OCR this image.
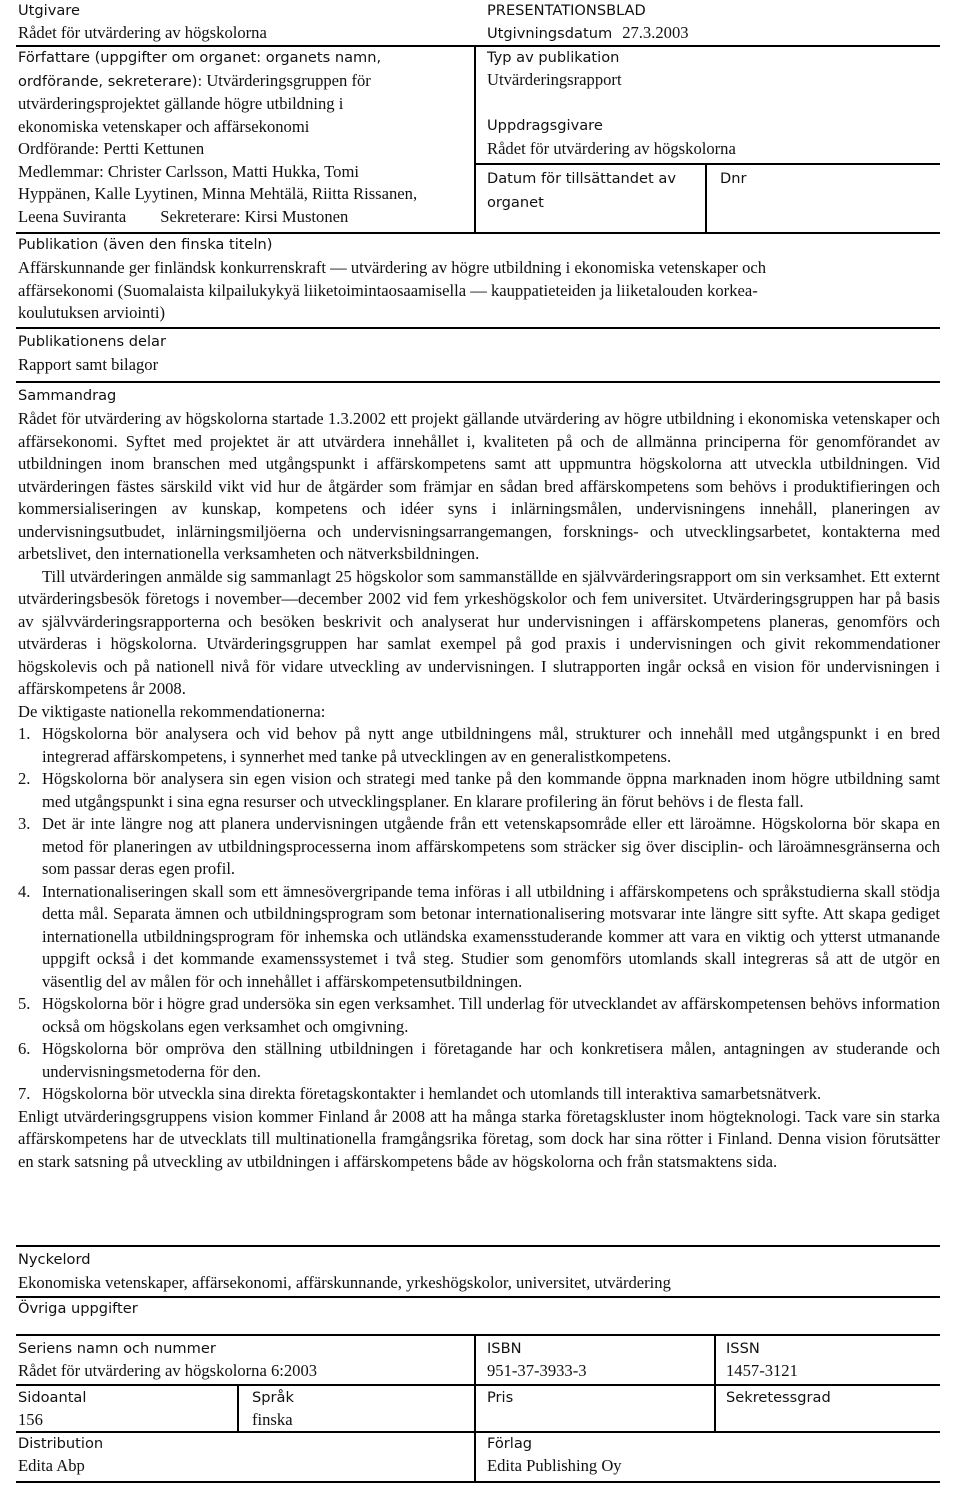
Utgivare
Rådet för utvärdering av högskolorna
PRESENTATIONSBLAD
Utgivningsdatum 27.3.2003
Författare (uppgifter om organet: organets namn,
ordförande, sekreterare): Utvärderingsgruppen för
utvärderingsprojektet gällande högre utbildning i
ekonomiska vetenskaper och affärsekonomi
Ordförande: Pertti Kettunen
Medlemmar: Christer Carlsson, Matti Hukka, Tomi
Hyppänen, Kalle Lyytinen, Minna Mehtälä, Riitta Rissanen,
Leena Suviranta Sekreterare: Kirsi Mustonen
Typ av publikation
Utvärderingsrapport
Uppdragsgivare
Rådet för utvärdering av högskolorna
Datum för tillsättandet av
organet
Dnr
Publikation (även den finska titeln)
Affärskunnande ger finländsk konkurrenskraft — utvärdering av högre utbildning i ekonomiska vetenskaper och
affärsekonomi (Suomalaista kilpailukykyä liiketoimintaosaamisella — kauppatieteiden ja liiketalouden korkea-
koulutuksen arviointi)
Publikationens delar
Rapport samt bilagor
Sammandrag

Rådet för utvärdering av högskolorna startade 1.3.2002 ett projekt gällande utvärdering av högre utbildning i ekonomiska vetenskaper och affärsekonomi. Syftet med projektet är att utvärdera innehållet i, kvaliteten på och de allmänna principerna för genomförandet av utbildningen inom branschen med utgångspunkt i affärskompetens samt att uppmuntra högskolorna att utveckla utbildningen. Vid utvärderingen fästes särskild vikt vid hur de åtgärder som främjar en sådan bred affärskompetens som behövs i produktifieringen och kommersialiseringen av kunskap, kompetens och idéer syns i inlärningsmålen, undervisningens innehåll, planeringen av undervisningsutbudet, inlärningsmiljöerna och undervisningsarrangemangen, forsknings- och utvecklingsarbetet, kontakterna med arbetslivet, den internationella verksamheten och nätverksbildningen.

Till utvärderingen anmälde sig sammanlagt 25 högskolor som sammanställde en självvärderingsrapport om sin verksamhet. Ett externt utvärderingsbesök företogs i november—december 2002 vid fem yrkeshögskolor och fem universitet. Utvärderingsgruppen har på basis av självvärderingsrapporterna och besöken beskrivit och analyserat hur undervisningen i affärskompetens planeras, genomförs och utvärderas i högskolorna. Utvärderingsgruppen har samlat exempel på god praxis i undervisningen och givit rekommendationer högskolevis och på nationell nivå för vidare utveckling av undervisningen. I slutrapporten ingår också en vision för undervisningen i affärskompetens år 2008.

De viktigaste nationella rekommendationerna:

1. Högskolorna bör analysera och vid behov på nytt ange utbildningens mål, strukturer och innehåll med utgångspunkt i en bred integrerad affärskompetens, i synnerhet med tanke på utvecklingen av en generalistkompetens.
2. Högskolorna bör analysera sin egen vision och strategi med tanke på den kommande öppna marknaden inom högre utbildning samt med utgångspunkt i sina egna resurser och utvecklingsplaner. En klarare profilering än förut behövs i de flesta fall.
3. Det är inte längre nog att planera undervisningen utgående från ett vetenskapsområde eller ett läroämne. Högskolorna bör skapa en metod för planeringen av utbildningsprocesserna inom affärskompetens som sträcker sig över disciplin- och läroämnesgränserna och som passar deras egen profil.
4. Internationaliseringen skall som ett ämnesövergripande tema införas i all utbildning i affärskompetens och språkstudierna skall stödja detta mål. Separata ämnen och utbildningsprogram som betonar internationalisering motsvarar inte längre sitt syfte. Att skapa gediget internationella utbildningsprogram för inhemska och utländska examensstuderande kommer att vara en viktig och ytterst utmanande uppgift också i det kommande examenssystemet i två steg. Studier som genomförs utomlands skall integreras så att de utgör en väsentlig del av målen för och innehållet i affärskompetensutbildningen.
5. Högskolorna bör i högre grad undersöka sin egen verksamhet. Till underlag för utvecklandet av affärskompetensen behövs information också om högskolans egen verksamhet och omgivning.
6. Högskolorna bör ompröva den ställning utbildningen i företagande har och konkretisera målen, antagningen av studerande och undervisningsmetoderna för den.
7. Högskolorna bör utveckla sina direkta företagskontakter i hemlandet och utomlands till interaktiva samarbetsnätverk.

Enligt utvärderingsgruppens vision kommer Finland år 2008 att ha många starka företagskluster inom högteknologi. Tack vare sin starka affärskompetens har de utvecklats till multinationella framgångsrika företag, som dock har sina rötter i Finland. Denna vision förutsätter en stark satsning på utveckling av utbildningen i affärskompetens både av högskolorna och från statsmaktens sida.

Nyckelord
Ekonomiska vetenskaper, affärsekonomi, affärskunnande, yrkeshögskolor, universitet, utvärdering
Övriga uppgifter
Seriens namn och nummer
Rådet för utvärdering av högskolorna 6:2003
ISBN
951-37-3933-3
ISSN
1457-3121
Sidoantal
156
Språk
finska
Pris	Sekretessgrad
Distribution
Edita Abp
Förlag
Edita Publishing Oy
